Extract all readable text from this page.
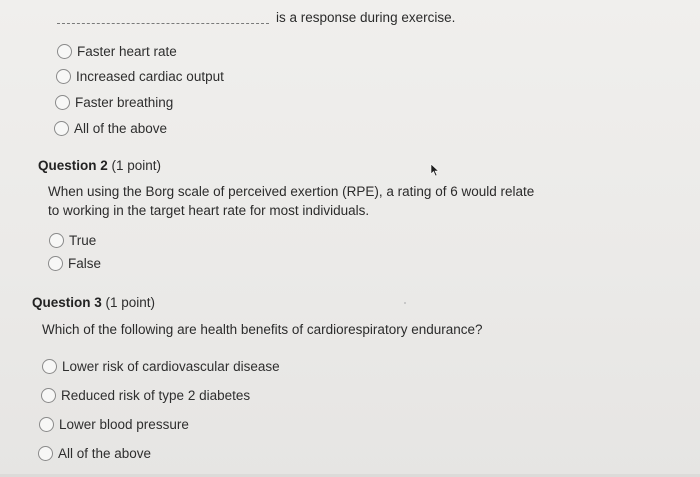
is a response during exercise.
Faster heart rate
Increased cardiac output
Faster breathing
All of the above
Question 2 (1 point)
When using the Borg scale of perceived exertion (RPE), a rating of 6 would relate to working in the target heart rate for most individuals.
True
False
Question 3 (1 point)
Which of the following are health benefits of cardiorespiratory endurance?
Lower risk of cardiovascular disease
Reduced risk of type 2 diabetes
Lower blood pressure
All of the above
